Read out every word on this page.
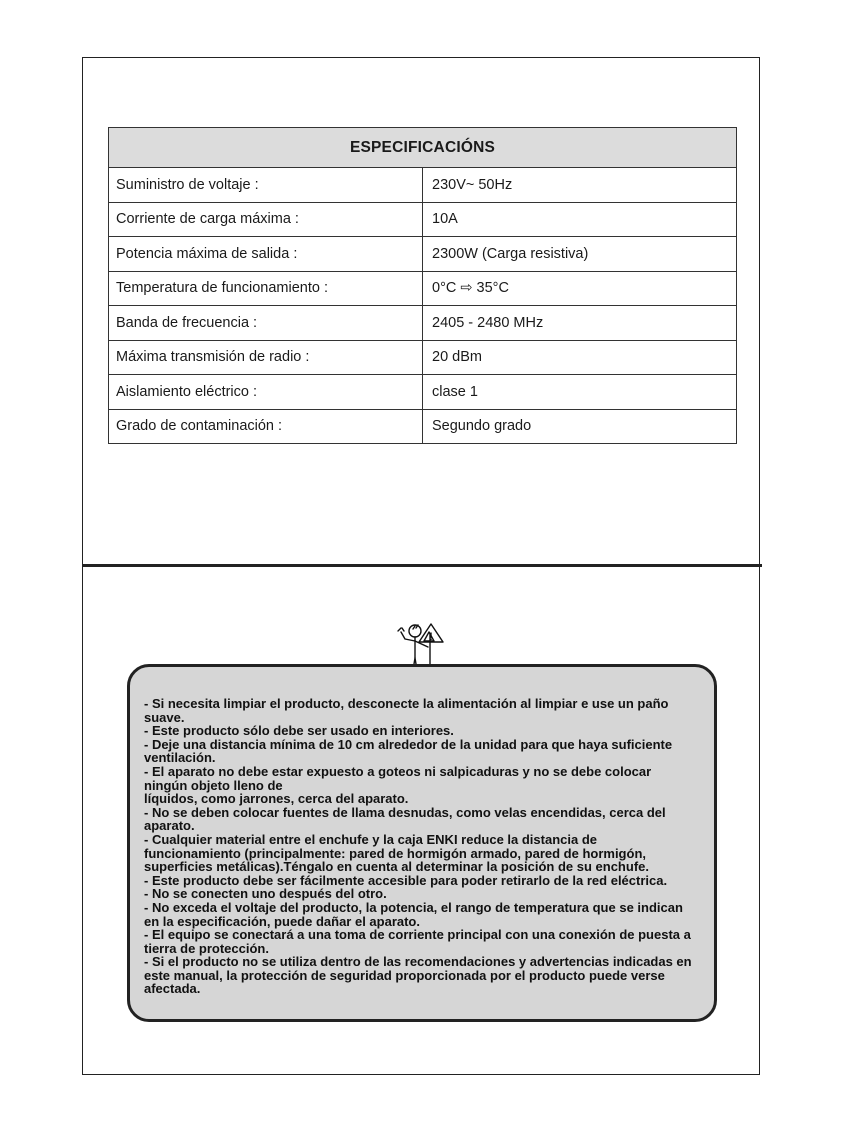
ESPECIFICACIÓNS	
Suministro de voltaje :	230V~ 50Hz
Corriente de carga máxima :	10A
Potencia máxima de salida :	2300W (Carga resistiva)
Temperatura de funcionamiento :	0°C ⇨ 35°C
Banda de frecuencia :	2405 - 2480 MHz
Máxima transmisión de radio :	20 dBm
Aislamiento eléctrico :	clase 1
Grado de contaminación :	Segundo grado
!
- Si necesita limpiar el producto, desconecte la alimentación al limpiar e use un paño suave.
- Este producto sólo debe ser usado en interiores.
- Deje una distancia mínima de 10 cm alrededor de la unidad para que haya suficiente ventilación.
- El aparato no debe estar expuesto a goteos ni salpicaduras y no se debe colocar ningún objeto lleno de
líquidos, como jarrones, cerca del aparato.
- No se deben colocar fuentes de llama desnudas, como velas encendidas, cerca del aparato.
- Cualquier material entre el enchufe y la caja ENKI reduce la distancia de funcionamiento (principalmente: pared de hormigón armado, pared de hormigón, superficies metálicas).Téngalo en cuenta al determinar la posición de su enchufe.
- Este producto debe ser fácilmente accesible para poder retirarlo de la red eléctrica.
- No se conecten uno después del otro.
- No exceda el voltaje del producto, la potencia, el rango de temperatura que se indican en la especificación, puede dañar el aparato.
- El equipo se conectará a una toma de corriente principal con una conexión de puesta a tierra de protección.
- Si el producto no se utiliza dentro de las recomendaciones y advertencias indicadas en este manual, la protección de seguridad proporcionada por el producto puede verse afectada.
